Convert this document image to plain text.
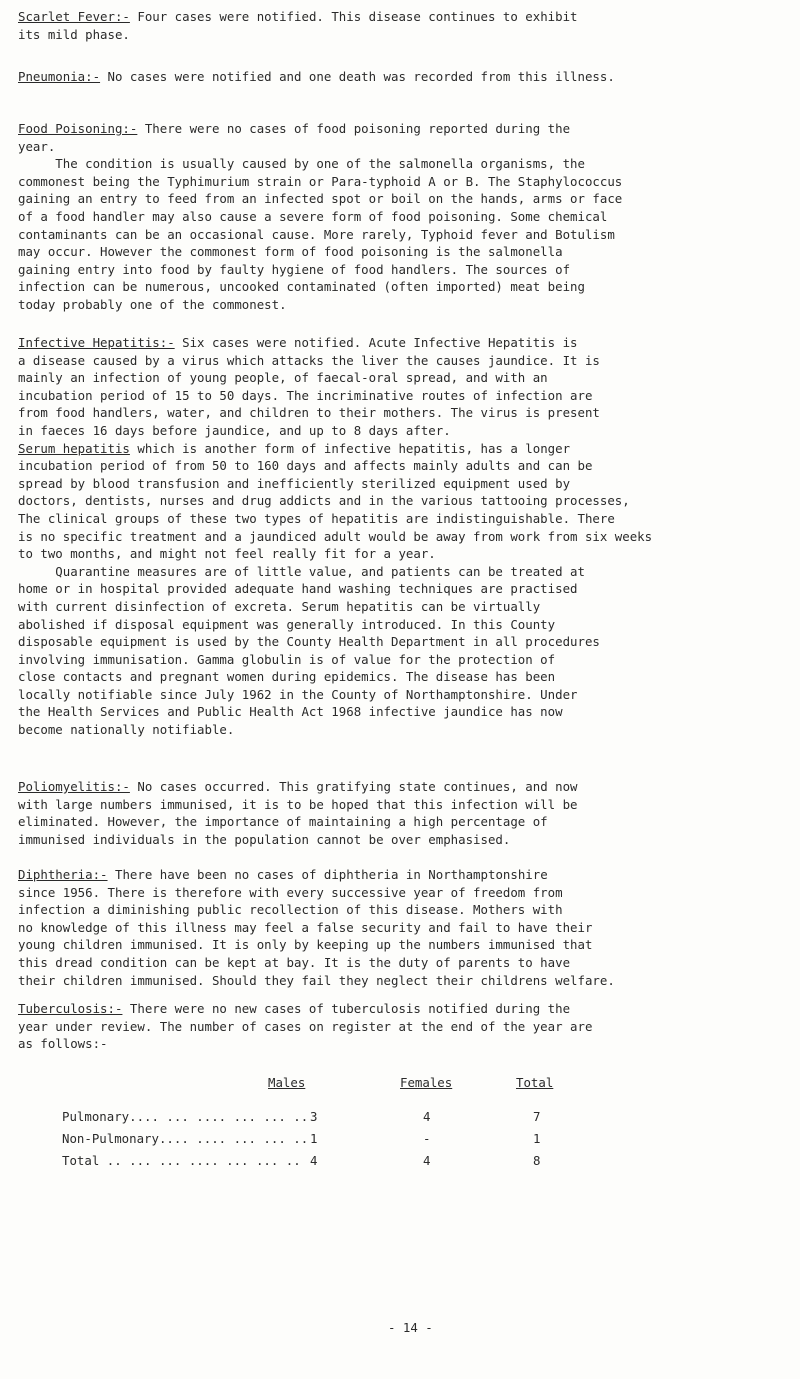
Scarlet Fever:- Four cases were notified. This disease continues to exhibit
its mild phase.

Pneumonia:- No cases were notified and one death was recorded from this illness.

Food Poisoning:- There were no cases of food poisoning reported during the
year.
The condition is usually caused by one of the salmonella organisms, the
commonest being the Typhimurium strain or Para-typhoid A or B. The Staphylococcus
gaining an entry to feed from an infected spot or boil on the hands, arms or face
of a food handler may also cause a severe form of food poisoning. Some chemical
contaminants can be an occasional cause. More rarely, Typhoid fever and Botulism
may occur. However the commonest form of food poisoning is the salmonella
gaining entry into food by faulty hygiene of food handlers. The sources of
infection can be numerous, uncooked contaminated (often imported) meat being
today probably one of the commonest.

Infective Hepatitis:- Six cases were notified. Acute Infective Hepatitis is
a disease caused by a virus which attacks the liver the causes jaundice. It is
mainly an infection of young people, of faecal-oral spread, and with an
incubation period of 15 to 50 days. The incriminative routes of infection are
from food handlers, water, and children to their mothers. The virus is present
in faeces 16 days before jaundice, and up to 8 days after.
Serum hepatitis which is another form of infective hepatitis, has a longer
incubation period of from 50 to 160 days and affects mainly adults and can be
spread by blood transfusion and inefficiently sterilized equipment used by
doctors, dentists, nurses and drug addicts and in the various tattooing processes,
The clinical groups of these two types of hepatitis are indistinguishable. There
is no specific treatment and a jaundiced adult would be away from work from six weeks
to two months, and might not feel really fit for a year.
Quarantine measures are of little value, and patients can be treated at
home or in hospital provided adequate hand washing techniques are practised
with current disinfection of excreta. Serum hepatitis can be virtually
abolished if disposal equipment was generally introduced. In this County
disposable equipment is used by the County Health Department in all procedures
involving immunisation. Gamma globulin is of value for the protection of
close contacts and pregnant women during epidemics. The disease has been
locally notifiable since July 1962 in the County of Northamptonshire. Under
the Health Services and Public Health Act 1968 infective jaundice has now
become nationally notifiable.

Poliomyelitis:- No cases occurred. This gratifying state continues, and now
with large numbers immunised, it is to be hoped that this infection will be
eliminated. However, the importance of maintaining a high percentage of
immunised individuals in the population cannot be over emphasised.

Diphtheria:- There have been no cases of diphtheria in Northamptonshire
since 1956. There is therefore with every successive year of freedom from
infection a diminishing public recollection of this disease. Mothers with
no knowledge of this illness may feel a false security and fail to have their
young children immunised. It is only by keeping up the numbers immunised that
this dread condition can be kept at bay. It is the duty of parents to have
their children immunised. Should they fail they neglect their childrens welfare.

Tuberculosis:- There were no new cases of tuberculosis notified during the
year under review. The number of cases on register at the end of the year are
as follows:-

Males	Females	Total
Pulmonary.... ... .... ... ... .. 3	4	7
Non-Pulmonary.... .... ... ... .. 1	-	1
Total .. ... ... .... ... ... .. 4	4	8
- 14 -
